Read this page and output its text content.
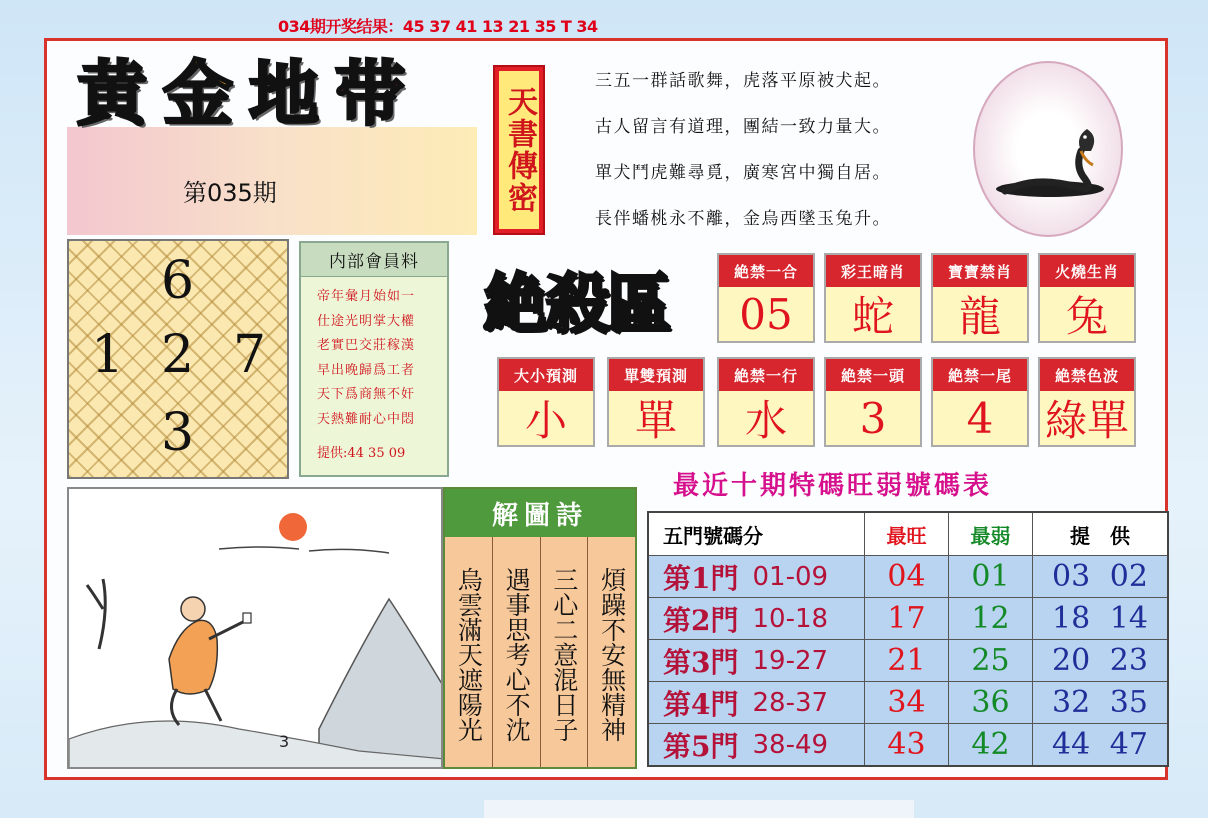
034期开奖结果：45 37 41 13 21 35 T 34
黄 金 地 带
第035期	天書傳密
三五一群話歌舞，虎落平原被犬起。
古人留言有道理，團結一致力量大。
單犬鬥虎難尋覓，廣寒宮中獨自居。
長伴蟠桃永不離，金烏西墜玉兔升。
6
1 2 7
3
内部會員料
帝年彙月始如一
仕途光明掌大權
老實巴交莊稼漢
早出晚歸爲工者
天下爲商無不奸
天熱難耐心中悶
提供:44 35 09
絶殺區	絶禁一合
05
彩王暗肖
蛇
寶寶禁肖
龍
火燒生肖
兔
大小預測
小
單雙預測
單
絶禁一行
水
絶禁一頭
3
絶禁一尾
4
絶禁色波
綠單
3
解圖詩
烏雲滿天遮陽光 遇事思考心不沈 三心二意混日子 煩躁不安無精神
最近十期特碼旺弱號碼表
五門號碼分	最旺	最弱	提　供
第1門 01-09 04 01 03 02
第2門 10-18 17 12 18 14
第3門 19-27 21 25 20 23
第4門 28-37 34 36 32 35
第5門 38-49 43 42 44 47
